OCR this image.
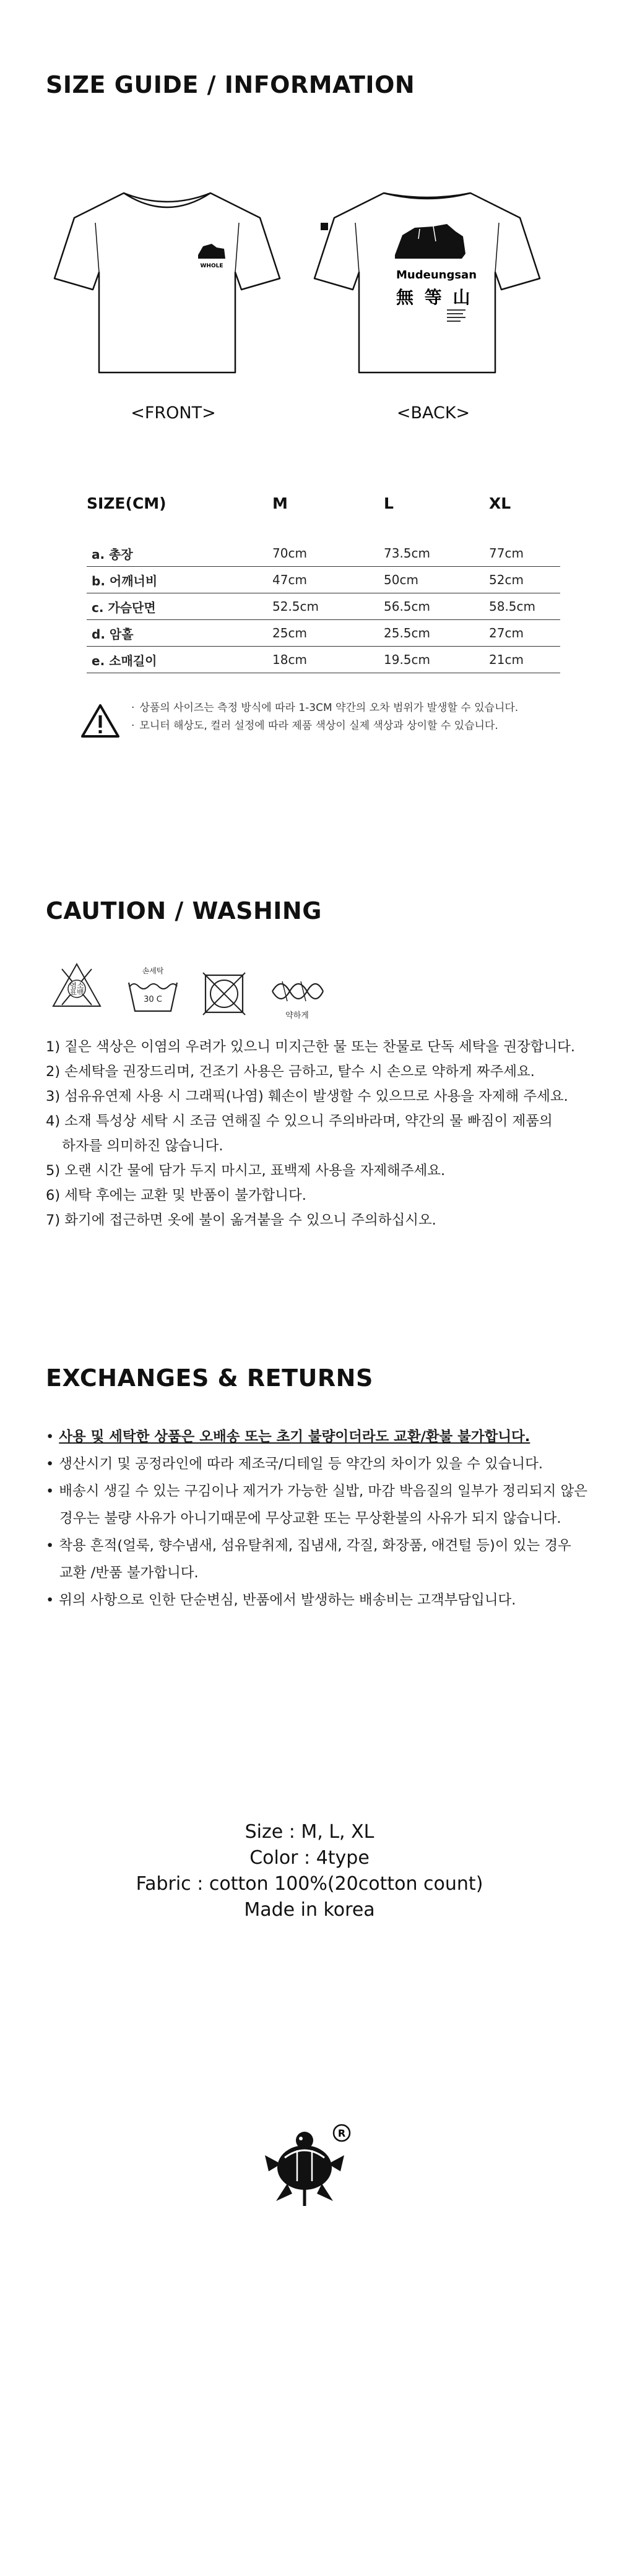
SIZE GUIDE / INFORMATION
WHOLE
<FRONT>
Mudeungsan
無 等 山
<BACK>
SIZE(CM)	M	L	XL

a. 총장	70cm	73.5cm	77cm
b. 어깨너비	47cm	50cm	52cm
c. 가슴단면	52.5cm	56.5cm	58.5cm
d. 암홀	25cm	25.5cm	27cm
e. 소매길이	18cm	19.5cm	21cm
· 상품의 사이즈는 측정 방식에 따라 1-3CM 약간의 오차 범위가 발생할 수 있습니다.
· 모니터 해상도, 컬러 설정에 따라 제품 색상이 실제 색상과 상이할 수 있습니다.
CAUTION / WASHING
염소
표백
손세탁
30 C
약하게
1) 짙은 색상은 이염의 우려가 있으니 미지근한 물 또는 찬물로 단독 세탁을 권장합니다.
2) 손세탁을 권장드리며, 건조기 사용은 금하고, 탈수 시 손으로 약하게 짜주세요.
3) 섬유유연제 사용 시 그래픽(나염) 훼손이 발생할 수 있으므로 사용을 자제해 주세요.
4) 소재 특성상 세탁 시 조금 연해질 수 있으니 주의바라며, 약간의 물 빠짐이 제품의
하자를 의미하진 않습니다.
5) 오랜 시간 물에 담가 두지 마시고, 표백제 사용을 자제해주세요.
6) 세탁 후에는 교환 및 반품이 불가합니다.
7) 화기에 접근하면 옷에 불이 옮겨붙을 수 있으니 주의하십시오.
EXCHANGES & RETURNS
• 사용 및 세탁한 상품은 오배송 또는 초기 불량이더라도 교환/환불 불가합니다.
• 생산시기 및 공정라인에 따라 제조국/디테일 등 약간의 차이가 있을 수 있습니다.
• 배송시 생길 수 있는 구김이나 제거가 가능한 실밥, 마감 박음질의 일부가 정리되지 않은
경우는 불량 사유가 아니기때문에 무상교환 또는 무상환불의 사유가 되지 않습니다.
• 착용 흔적(얼룩, 향수냄새, 섬유탈취제, 집냄새, 각질, 화장품, 애견털 등)이 있는 경우
교환 /반품 불가합니다.
• 위의 사항으로 인한 단순변심, 반품에서 발생하는 배송비는 고객부담입니다.
Size : M, L, XL
Color : 4type
Fabric : cotton 100%(20cotton count)
Made in korea
R
